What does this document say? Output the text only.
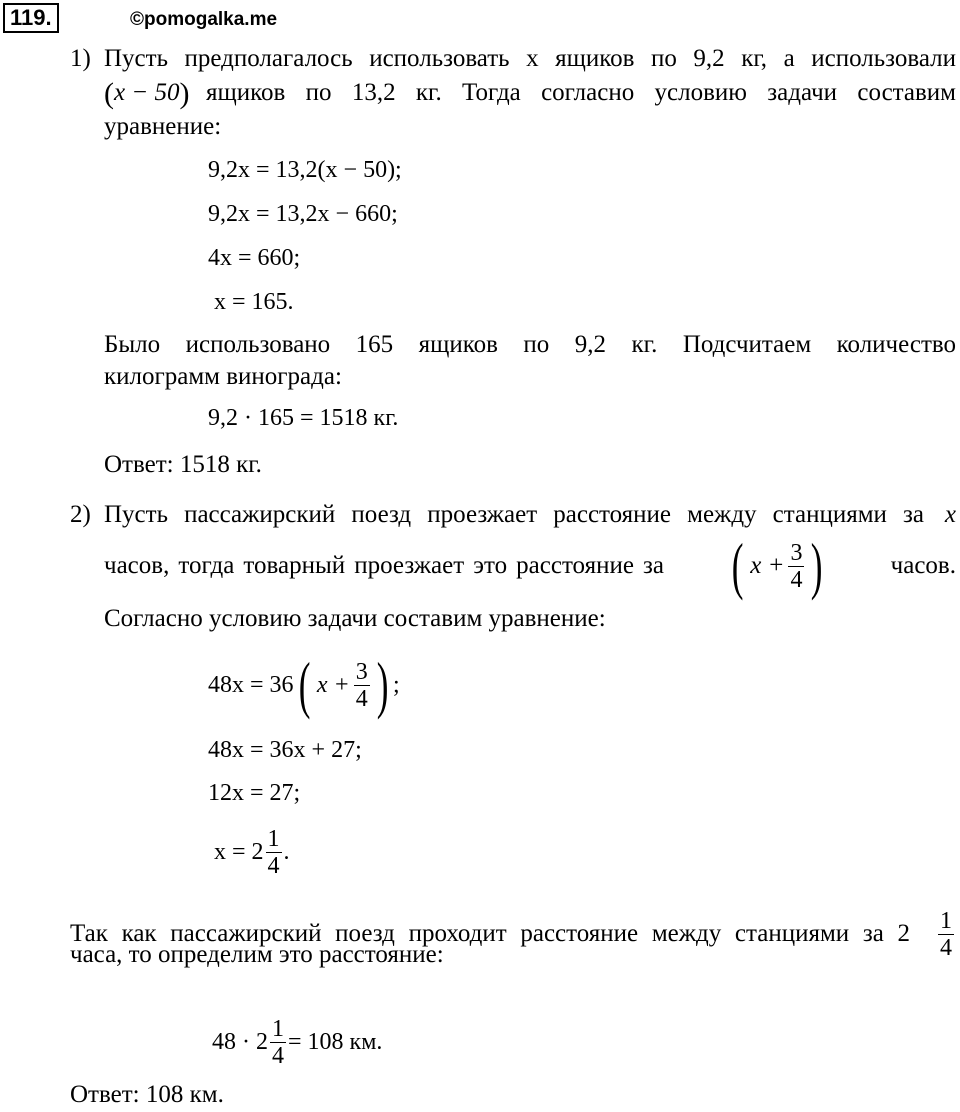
119.	©pomogalka.me
1) Пусть предполагалось использовать x ящиков по 9,2 кг, а использовали
(x − 50) ящиков по 13,2 кг. Тогда согласно условию задачи составим
уравнение:
9,2x = 13,2(x − 50);
9,2x = 13,2x − 660;
4x = 660;
x = 165.
Было использовано 165 ящиков по 9,2 кг. Подсчитаем количество
килограмм винограда:
9,2 · 165 = 1518 кг.
Ответ: 1518 кг.
2) Пусть пассажирский поезд проезжает расстояние между станциями за x
часов, тогда товарный проезжает это расстояние за ( $x + \frac{3}{4}$ )	часов.
Согласно условию задачи составим уравнение:
48x = 36 ( $x + \frac{3}{4}$ ) ;
48x = 36x + 27;
12x = 27;
$x = 2 \frac{1}{4}$ .
Так как пассажирский поезд проходит расстояние между станциями за $2 \frac{1}{4}$
часа, то определим это расстояние:
$48 \cdot 2 \frac{1}{4} = 108$ км.
Ответ: 108 км.
